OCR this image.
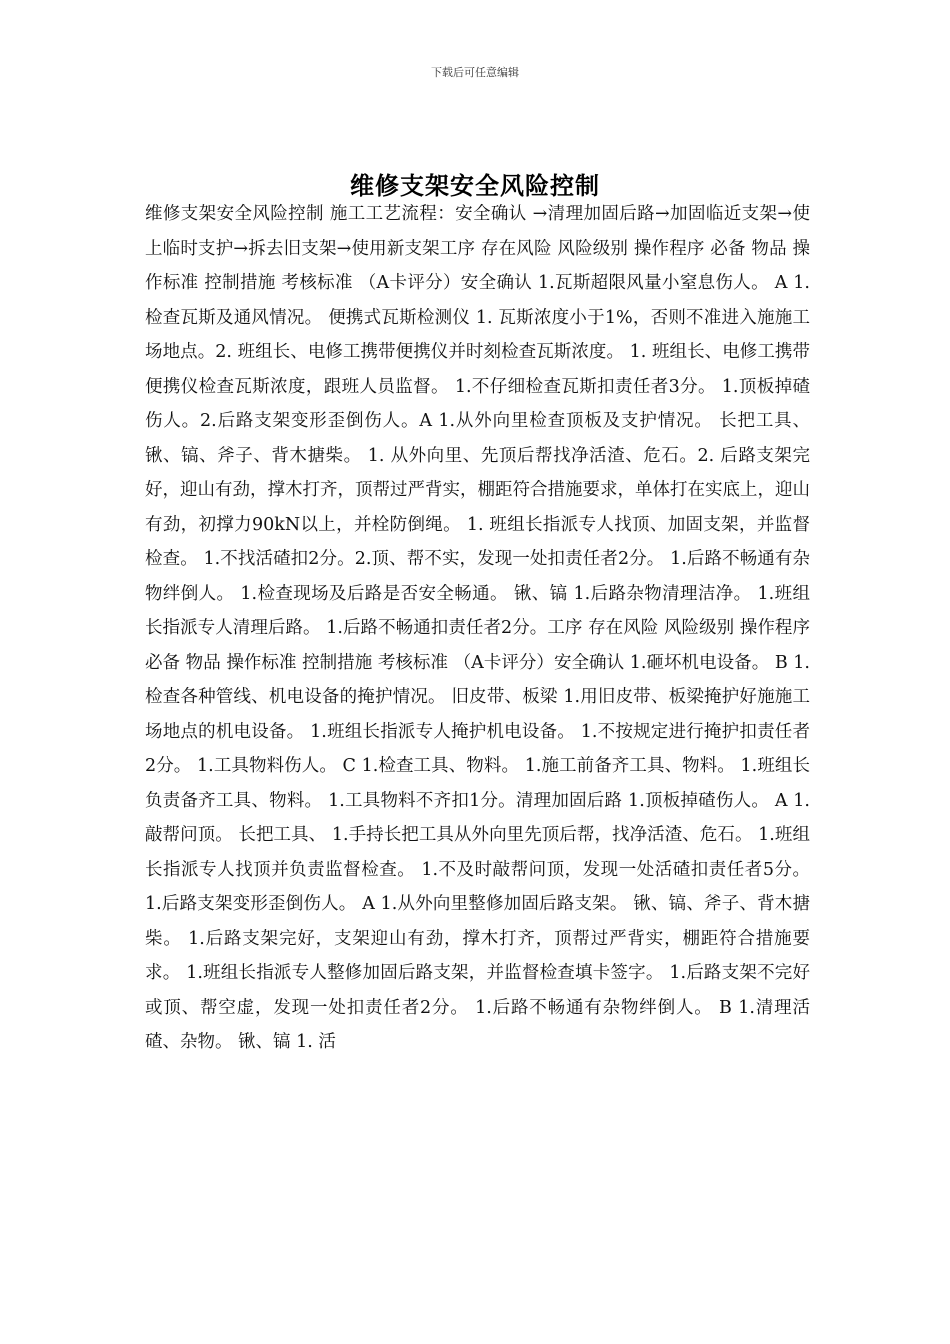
下载后可任意编辑
维修支架安全风险控制

维修支架安全风险控制 施工工艺流程：安全确认 →清理加固后路→加固临近支架→使上临时支护→拆去旧支架→使用新支架工序 存在风险 风险级别 操作程序 必备 物品 操作标准 控制措施 考核标准 （A卡评分）安全确认 1.瓦斯超限风量小窒息伤人。 A 1.检查瓦斯及通风情况。 便携式瓦斯检测仪 1. 瓦斯浓度小于1%，否则不准进入施施工场地点。2. 班组长、电修工携带便携仪并时刻检查瓦斯浓度。 1. 班组长、电修工携带便携仪检查瓦斯浓度，跟班人员监督。 1.不仔细检查瓦斯扣责任者3分。 1.顶板掉碴伤人。2.后路支架变形歪倒伤人。A 1.从外向里检查顶板及支护情况。 长把工具、锹、镐、斧子、背木搪柴。 1. 从外向里、先顶后帮找净活渣、危石。2. 后路支架完好，迎山有劲，撑木打齐，顶帮过严背实，棚距符合措施要求，单体打在实底上，迎山有劲，初撑力90kN以上，并栓防倒绳。 1. 班组长指派专人找顶、加固支架，并监督检查。 1.不找活碴扣2分。2.顶、帮不实，发现一处扣责任者2分。 1.后路不畅通有杂物绊倒人。 1.检查现场及后路是否安全畅通。 锹、镐 1.后路杂物清理洁净。 1.班组长指派专人清理后路。 1.后路不畅通扣责任者2分。工序 存在风险 风险级别 操作程序 必备 物品 操作标准 控制措施 考核标准 （A卡评分）安全确认 1.砸坏机电设备。 B 1.检查各种管线、机电设备的掩护情况。 旧皮带、板梁 1.用旧皮带、板梁掩护好施施工场地点的机电设备。 1.班组长指派专人掩护机电设备。 1.不按规定进行掩护扣责任者2分。 1.工具物料伤人。 C 1.检查工具、物料。 1.施工前备齐工具、物料。 1.班组长负责备齐工具、物料。 1.工具物料不齐扣1分。清理加固后路 1.顶板掉碴伤人。 A 1.敲帮问顶。 长把工具、 1.手持长把工具从外向里先顶后帮，找净活渣、危石。 1.班组长指派专人找顶并负责监督检查。 1.不及时敲帮问顶，发现一处活碴扣责任者5分。 1.后路支架变形歪倒伤人。 A 1.从外向里整修加固后路支架。 锹、镐、斧子、背木搪柴。 1.后路支架完好，支架迎山有劲，撑木打齐，顶帮过严背实，棚距符合措施要求。 1.班组长指派专人整修加固后路支架，并监督检查填卡签字。 1.后路支架不完好或顶、帮空虚，发现一处扣责任者2分。 1.后路不畅通有杂物绊倒人。 B 1.清理活碴、杂物。 锹、镐 1. 活
